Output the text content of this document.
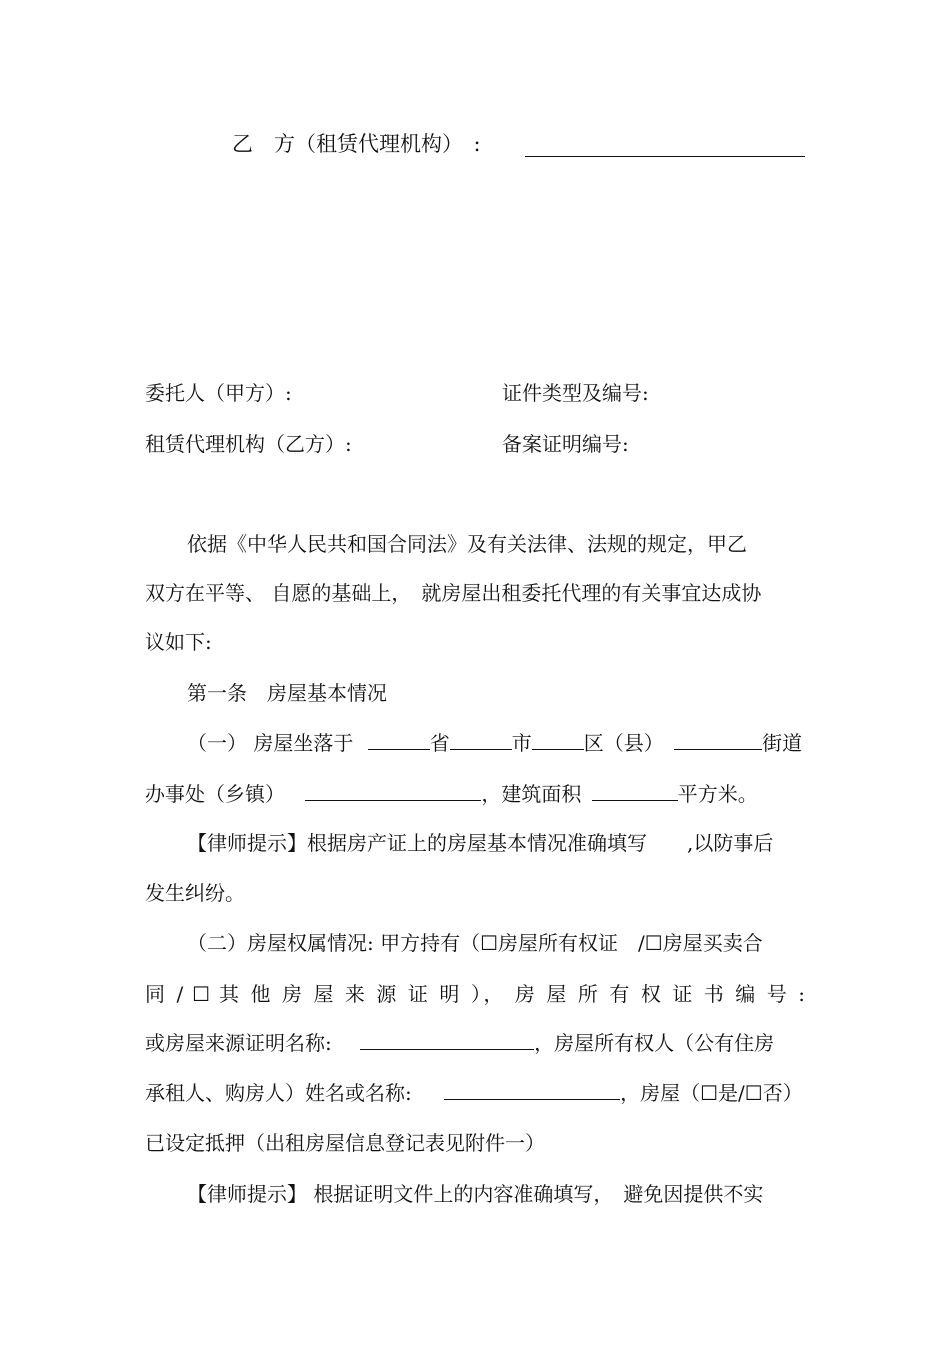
乙　方（租赁代理机构）　:
委托人（甲方）:	证件类型及编号:
租赁代理机构（乙方）:	备案证明编号:
依据《中华人民共和国合同法》及有关法律、法规的规定，甲乙
双方在平等、 自愿的基础上，　就房屋出租委托代理的有关事宜达成协
议如下:
第一条　房屋基本情况
（一） 房屋坐落于	省	市	区（县）	街道
办事处（乡镇）	，建筑面积	平方米。
【律师提示】根据房产证上的房屋基本情况准确填写　　,以防事后
发生纠纷。
（二）房屋权属情况: 甲方持有（☐房屋所有权证　/☐房屋买卖合
同 / ☐ 其 他 房 屋 来 源 证 明 ）， 房 屋 所 有 权 证 书 编 号 :
或房屋来源证明名称:	，房屋所有权人（公有住房
承租人、购房人）姓名或名称:	，房屋（☐是/☐否）
已设定抵押（出租房屋信息登记表见附件一）
【律师提示】 根据证明文件上的内容准确填写，　避免因提供不实
